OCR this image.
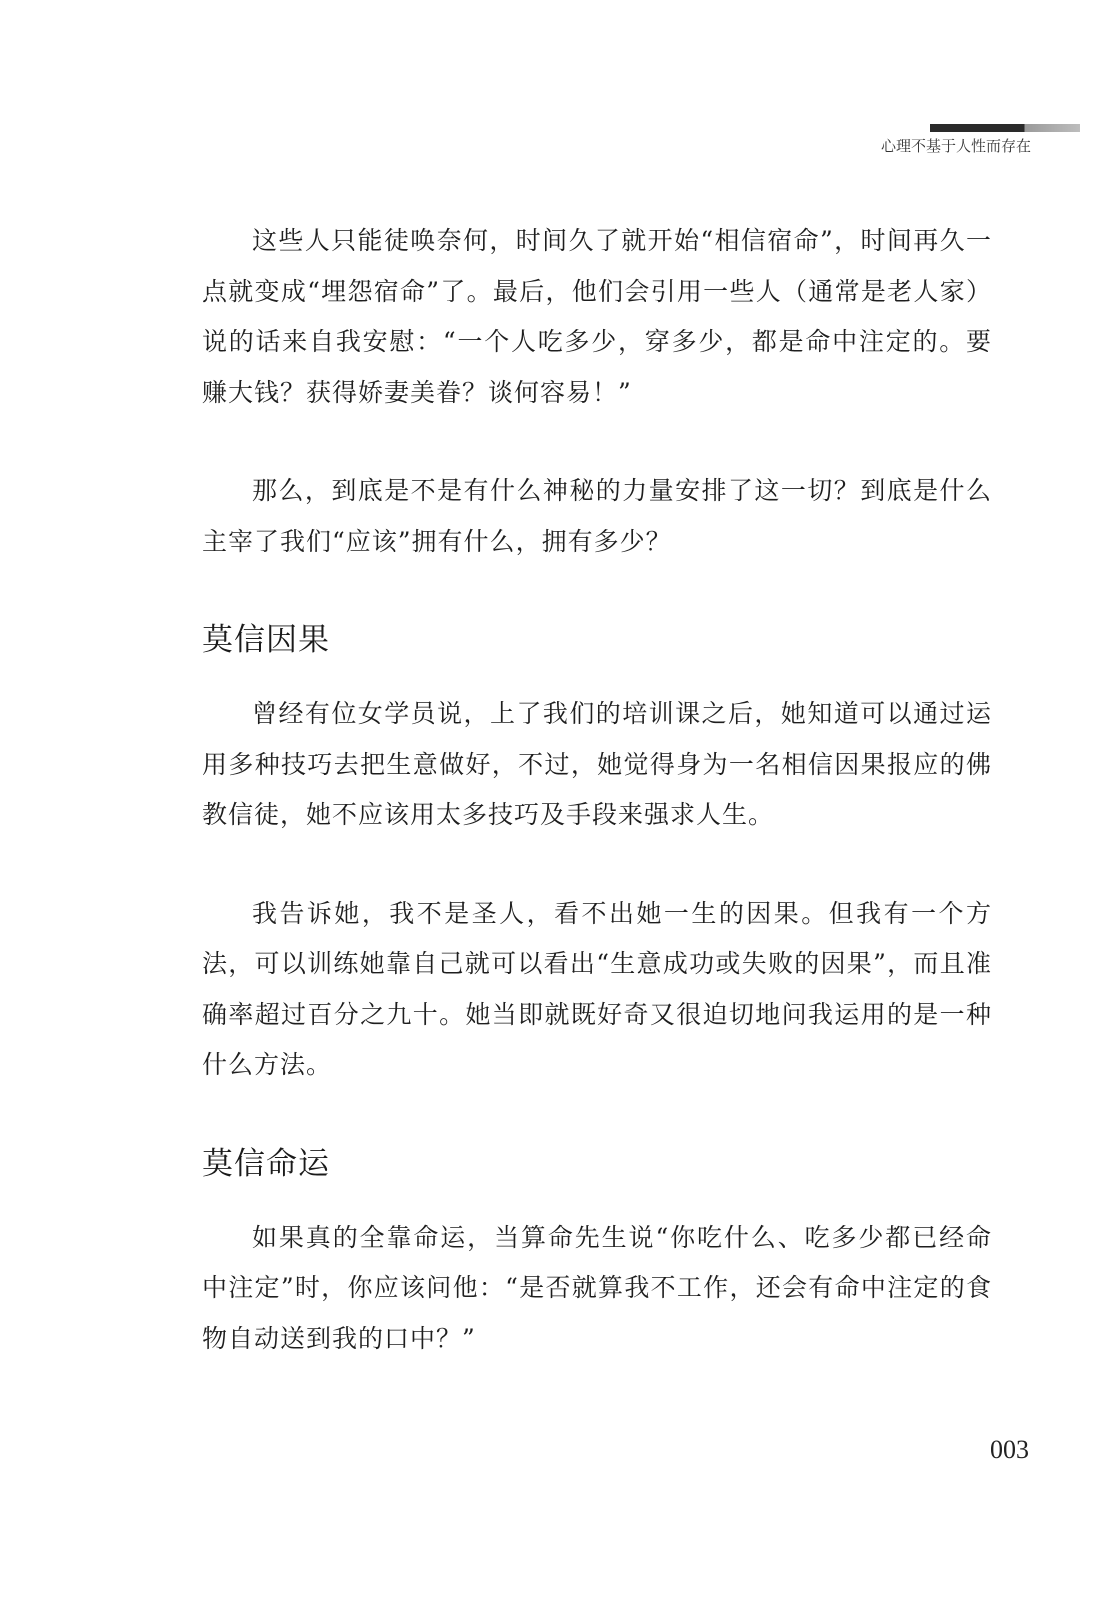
心理不基于人性而存在

这些人只能徒唤奈何，时间久了就开始“相信宿命”，时间再久一点就变成“埋怨宿命”了。最后，他们会引用一些人（通常是老人家）说的话来自我安慰：“一个人吃多少，穿多少，都是命中注定的。要赚大钱？获得娇妻美眷？谈何容易！”

那么，到底是不是有什么神秘的力量安排了这一切？到底是什么主宰了我们“应该”拥有什么，拥有多少？

莫信因果

曾经有位女学员说，上了我们的培训课之后，她知道可以通过运用多种技巧去把生意做好，不过，她觉得身为一名相信因果报应的佛教信徒，她不应该用太多技巧及手段来强求人生。

我告诉她，我不是圣人，看不出她一生的因果。但我有一个方法，可以训练她靠自己就可以看出“生意成功或失败的因果”，而且准确率超过百分之九十。她当即就既好奇又很迫切地问我运用的是一种什么方法。

莫信命运

如果真的全靠命运，当算命先生说“你吃什么、吃多少都已经命中注定”时，你应该问他：“是否就算我不工作，还会有命中注定的食物自动送到我的口中？”

003
